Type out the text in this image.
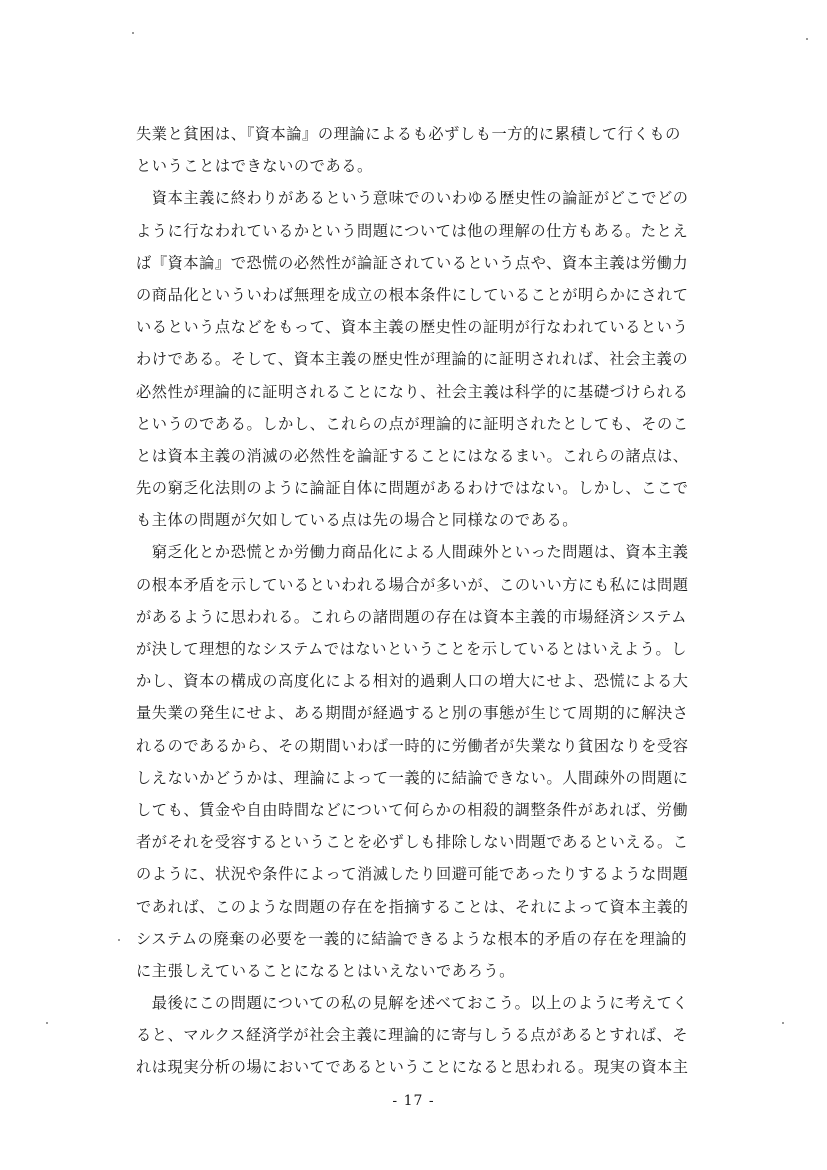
失業と貧困は、『資本論』の理論によるも必ずしも一方的に累積して行くもの
ということはできないのである。
　資本主義に終わりがあるという意味でのいわゆる歴史性の論証がどこでどの
ように行なわれているかという問題については他の理解の仕方もある。たとえ
ば『資本論』で恐慌の必然性が論証されているという点や、資本主義は労働力
の商品化といういわば無理を成立の根本条件にしていることが明らかにされて
いるという点などをもって、資本主義の歴史性の証明が行なわれているという
わけである。そして、資本主義の歴史性が理論的に証明されれば、社会主義の
必然性が理論的に証明されることになり、社会主義は科学的に基礎づけられる
というのである。しかし、これらの点が理論的に証明されたとしても、そのこ
とは資本主義の消滅の必然性を論証することにはなるまい。これらの諸点は、
先の窮乏化法則のように論証自体に問題があるわけではない。しかし、ここで
も主体の問題が欠如している点は先の場合と同様なのである。
　窮乏化とか恐慌とか労働力商品化による人間疎外といった問題は、資本主義
の根本矛盾を示しているといわれる場合が多いが、このいい方にも私には問題
があるように思われる。これらの諸問題の存在は資本主義的市場経済システム
が決して理想的なシステムではないということを示しているとはいえよう。し
かし、資本の構成の高度化による相対的過剰人口の増大にせよ、恐慌による大
量失業の発生にせよ、ある期間が経過すると別の事態が生じて周期的に解決さ
れるのであるから、その期間いわば一時的に労働者が失業なり貧困なりを受容
しえないかどうかは、理論によって一義的に結論できない。人間疎外の問題に
しても、賃金や自由時間などについて何らかの相殺的調整条件があれば、労働
者がそれを受容するということを必ずしも排除しない問題であるといえる。こ
のように、状況や条件によって消滅したり回避可能であったりするような問題
であれば、このような問題の存在を指摘することは、それによって資本主義的
システムの廃棄の必要を一義的に結論できるような根本的矛盾の存在を理論的
に主張しえていることになるとはいえないであろう。
　最後にこの問題についての私の見解を述べておこう。以上のように考えてく
ると、マルクス経済学が社会主義に理論的に寄与しうる点があるとすれば、そ
れは現実分析の場においてであるということになると思われる。現実の資本主
- 17 -
